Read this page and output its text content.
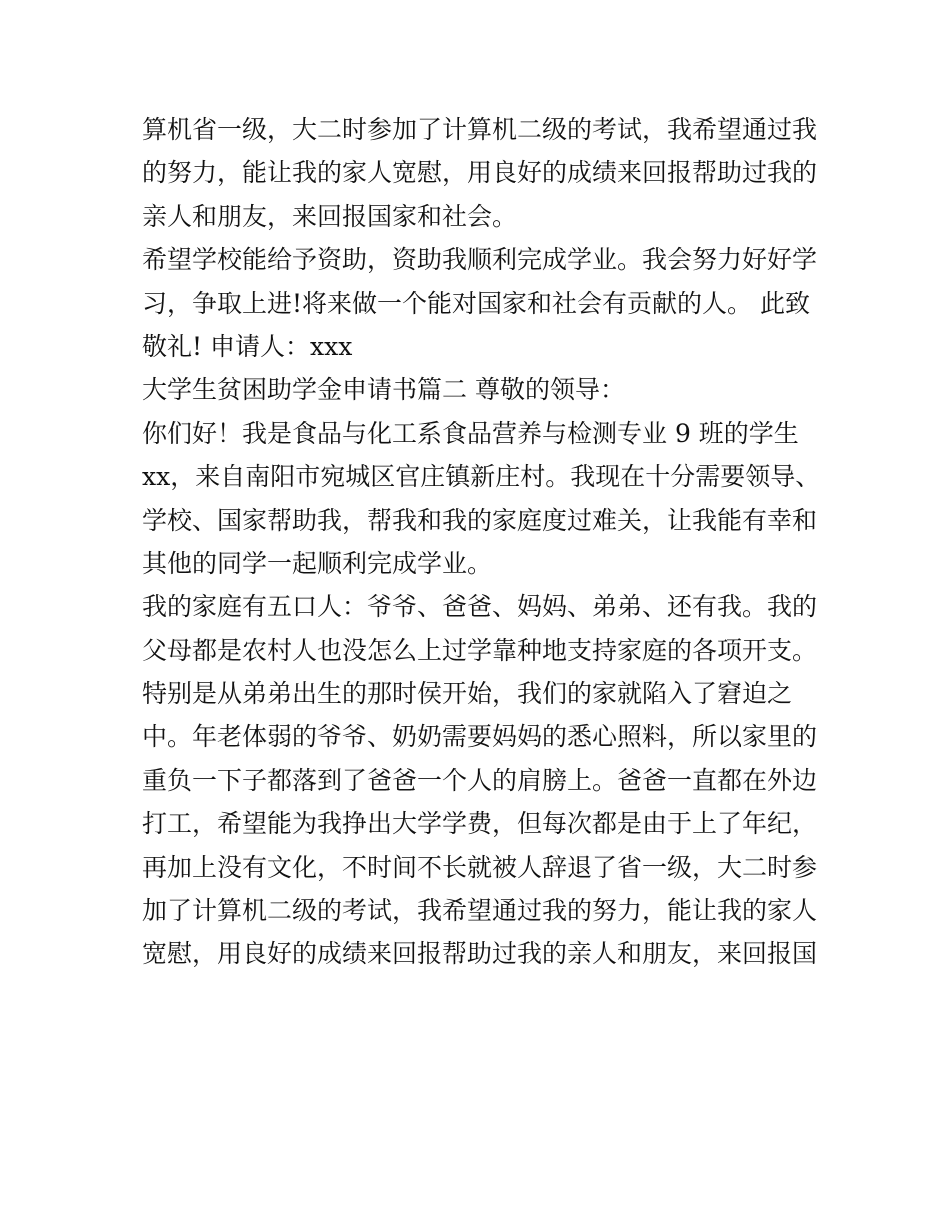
算机省一级，大二时参加了计算机二级的考试，我希望通过我
的努力，能让我的家人宽慰，用良好的成绩来回报帮助过我的
亲人和朋友，来回报国家和社会。
希望学校能给予资助，资助我顺利完成学业。我会努力好好学
习，争取上进!将来做一个能对国家和社会有贡献的人。 此致
敬礼! 申请人：xxx
大学生贫困助学金申请书篇二 尊敬的领导：
你们好！我是食品与化工系食品营养与检测专业 9 班的学生
xx，来自南阳市宛城区官庄镇新庄村。我现在十分需要领导、
学校、国家帮助我，帮我和我的家庭度过难关，让我能有幸和
其他的同学一起顺利完成学业。
我的家庭有五口人：爷爷、爸爸、妈妈、弟弟、还有我。我的
父母都是农村人也没怎么上过学靠种地支持家庭的各项开支。
特别是从弟弟出生的那时侯开始，我们的家就陷入了窘迫之
中。年老体弱的爷爷、奶奶需要妈妈的悉心照料，所以家里的
重负一下子都落到了爸爸一个人的肩膀上。爸爸一直都在外边
打工，希望能为我挣出大学学费，但每次都是由于上了年纪，
再加上没有文化，不时间不长就被人辞退了省一级，大二时参
加了计算机二级的考试，我希望通过我的努力，能让我的家人
宽慰，用良好的成绩来回报帮助过我的亲人和朋友，来回报国
